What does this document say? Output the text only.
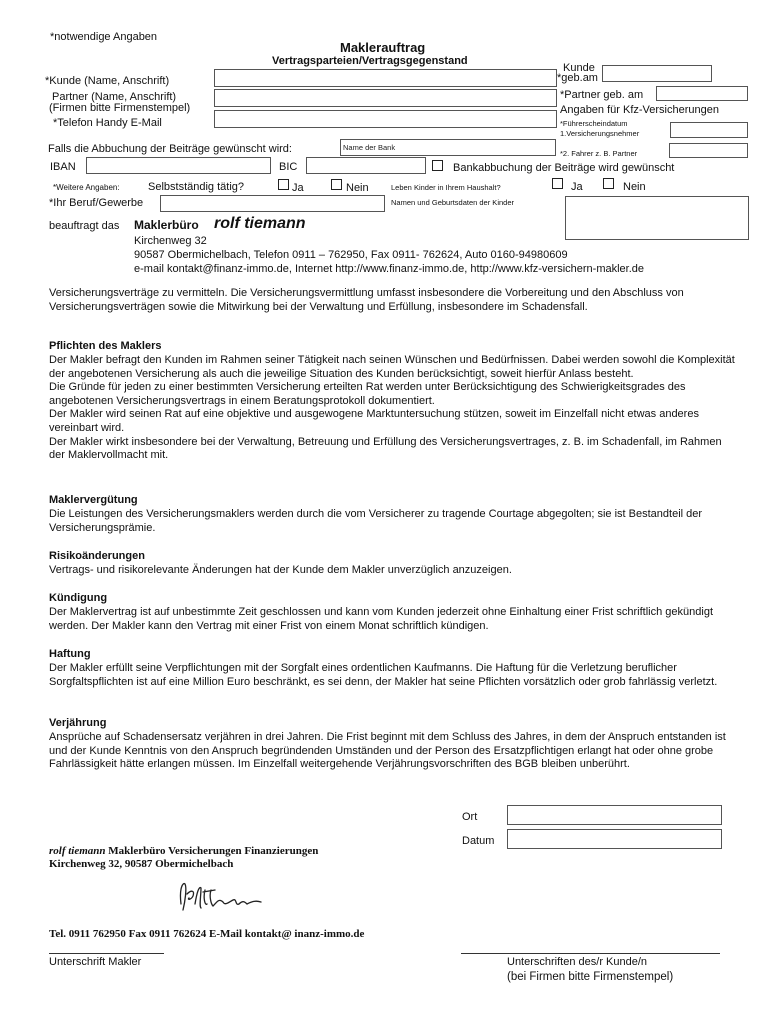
*notwendige Angaben
Maklerauftrag
Vertragsparteien/Vertragsgegenstand
*Kunde (Name, Anschrift)
Partner (Name, Anschrift)
(Firmen bitte Firmenstempel)
*Telefon Handy E-Mail
Kunde
*geb.am
*Partner geb. am
Angaben für Kfz-Versicherungen
*Führerscheindatum
1.Versicherungsnehmer
*2. Fahrer z. B. Partner
Falls die Abbuchung der Beiträge gewünscht wird:	Name der Bank
IBAN	BIC	Bankabbuchung der Beiträge wird gewünscht
*Weitere Angaben:	Selbstständig tätig?	Ja	Nein	Leben Kinder in Ihrem Haushalt?	Ja	Nein
*Ihr Beruf/Gewerbe	Namen und Geburtsdaten der Kinder
beauftragt das Maklerbüro rolf tiemann
Kirchenweg 32
90587 Obermichelbach, Telefon 0911 – 762950, Fax 0911- 762624, Auto 0160-94980609
e-mail kontakt@finanz-immo.de, Internet http://www.finanz-immo.de, http://www.kfz-versichern-makler.de
Versicherungsverträge zu vermitteln. Die Versicherungsvermittlung umfasst insbesondere die Vorbereitung und den Abschluss von Versicherungsverträgen sowie die Mitwirkung bei der Verwaltung und Erfüllung, insbesondere im Schadensfall.
Pflichten des Maklers

Der Makler befragt den Kunden im Rahmen seiner Tätigkeit nach seinen Wünschen und Bedürfnissen. Dabei werden sowohl die Komplexität der angebotenen Versicherung als auch die jeweilige Situation des Kunden berücksichtigt, soweit hierfür Anlass besteht.

Die Gründe für jeden zu einer bestimmten Versicherung erteilten Rat werden unter Berücksichtigung des Schwierigkeitsgrades des angebotenen Versicherungsvertrags in einem Beratungsprotokoll dokumentiert.

Der Makler wird seinen Rat auf eine objektive und ausgewogene Marktuntersuchung stützen, soweit im Einzelfall nicht etwas anderes vereinbart wird.

Der Makler wirkt insbesondere bei der Verwaltung, Betreuung und Erfüllung des Versicherungsvertrages, z. B. im Schadenfall, im Rahmen der Maklervollmacht mit.

Maklervergütung
Die Leistungen des Versicherungsmaklers werden durch die vom Versicherer zu tragende Courtage abgegolten; sie ist Bestandteil der Versicherungsprämie.
Risikoänderungen
Vertrags- und risikorelevante Änderungen hat der Kunde dem Makler unverzüglich anzuzeigen.
Kündigung
Der Maklervertrag ist auf unbestimmte Zeit geschlossen und kann vom Kunden jederzeit ohne Einhaltung einer Frist schriftlich gekündigt werden. Der Makler kann den Vertrag mit einer Frist von einem Monat schriftlich kündigen.
Haftung
Der Makler erfüllt seine Verpflichtungen mit der Sorgfalt eines ordentlichen Kaufmanns. Die Haftung für die Verletzung beruflicher Sorgfaltspflichten ist auf eine Million Euro beschränkt, es sei denn, der Makler hat seine Pflichten vorsätzlich oder grob fahrlässig verletzt.
Verjährung
Ansprüche auf Schadensersatz verjähren in drei Jahren. Die Frist beginnt mit dem Schluss des Jahres, in dem der Anspruch entstanden ist und der Kunde Kenntnis von den Anspruch begründenden Umständen und der Person des Ersatzpflichtigen erlangt hat oder ohne grobe Fahrlässigkeit hätte erlangen müssen. Im Einzelfall weitergehende Verjährungsvorschriften des BGB bleiben unberührt.
Ort
Datum
rolf tiemann Maklerbüro Versicherungen Finanzierungen
Kirchenweg 32, 90587 Obermichelbach
Tel. 0911 762950 Fax 0911 762624 E-Mail kontakt@ inanz-immo.de
Unterschrift Makler	Unterschriften des/r Kunde/n
(bei Firmen bitte Firmenstempel)
